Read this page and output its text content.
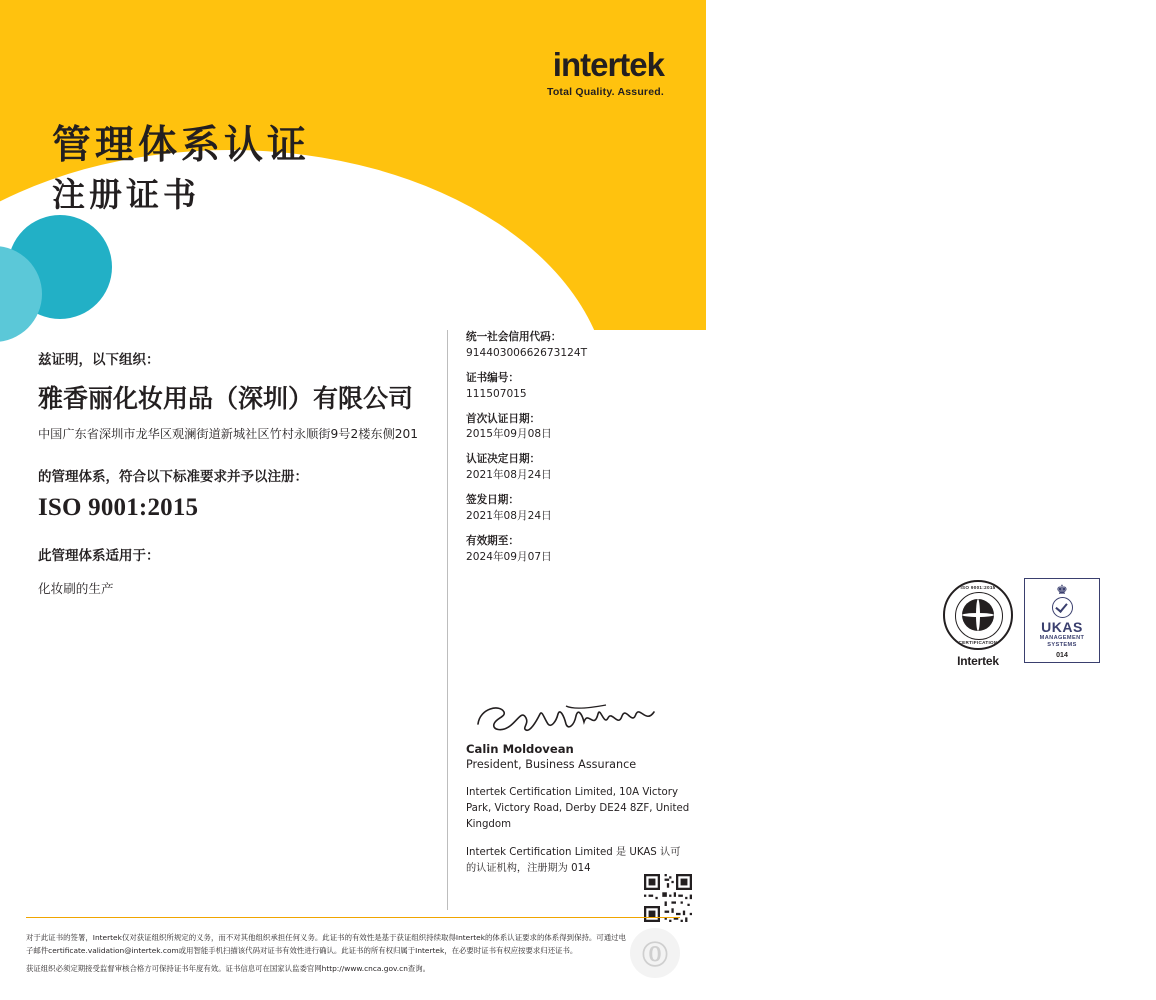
intertek
Total Quality. Assured.
管理体系认证
注册证书
兹证明，以下组织：
雅香丽化妆用品（深圳）有限公司
中国广东省深圳市龙华区观澜街道新城社区竹村永顺街9号2楼东侧201
的管理体系，符合以下标准要求并予以注册：
ISO 9001:2015
此管理体系适用于：
化妆刷的生产
统一社会信用代码：
91440300662673124T
证书编号：
111507015
首次认证日期：
2015年09月08日
认证决定日期：
2021年08月24日
签发日期：
2021年08月24日
有效期至：
2024年09月07日
ISO 9001:2015
CERTIFICATION
Intertek
♚
UKAS
MANAGEMENT SYSTEMS
014
Calin Moldovean
President, Business Assurance
Intertek Certification Limited, 10A Victory Park, Victory Road, Derby DE24 8ZF, United Kingdom
Intertek Certification Limited 是 UKAS 认可的认证机构，注册期为 014

对于此证书的签署，Intertek仅对获证组织所规定的义务，而不对其他组织承担任何义务。此证书的有效性是基于获证组织持续取得Intertek的体系认证要求的体系得到保持。可通过电子邮件certificate.validation@intertek.com或用智能手机扫描该代码对证书有效性进行确认。此证书的所有权归属于Intertek，在必要时证书有权应按要求归还证书。

获证组织必须定期接受监督审核合格方可保持证书年度有效。证书信息可在国家认监委官网http://www.cnca.gov.cn查询。	⓪
